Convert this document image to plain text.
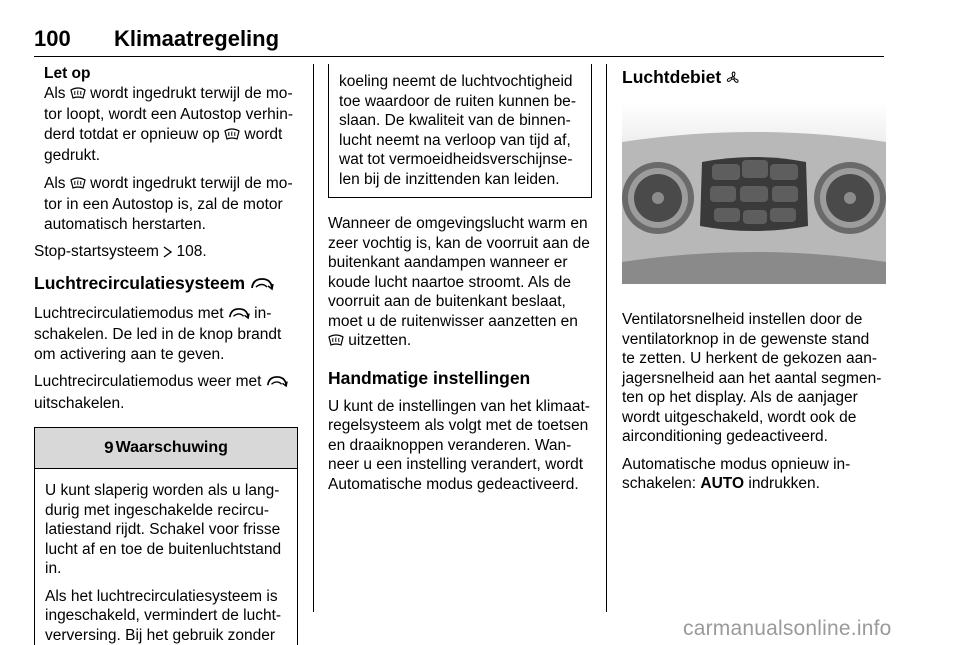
100 Klimaatregeling

Let op

Als  wordt ingedrukt terwijl de motor loopt, wordt een Autostop verhinderd totdat er opnieuw op  wordt gedrukt.

Als  wordt ingedrukt terwijl de motor in een Autostop is, zal de motor automatisch herstarten.

Stop-startsysteem  108.

Luchtrecirculatiesysteem

Luchtrecirculatiemodus met  inschakelen. De led in de knop brandt om activering aan te geven.

Luchtrecirculatiemodus weer met  uitschakelen.

9 Waarschuwing

U kunt slaperig worden als u langdurig met ingeschakelde recirculatiestand rijdt. Schakel voor frisse lucht af en toe de buitenluchtstand in.

Als het luchtrecirculatiesysteem is ingeschakeld, vermindert de luchtverversing. Bij het gebruik zonder

koeling neemt de luchtvochtigheid toe waardoor de ruiten kunnen beslaan. De kwaliteit van de binnenlucht neemt na verloop van tijd af, wat tot vermoeidheidsverschijnselen bij de inzittenden kan leiden.

Wanneer de omgevingslucht warm en zeer vochtig is, kan de voorruit aan de buitenkant aandampen wanneer er koude lucht naartoe stroomt. Als de voorruit aan de buitenkant beslaat, moet u de ruitenwisser aanzetten en
uitzetten.

Handmatige instellingen

U kunt de instellingen van het klimaatregelsysteem als volgt met de toetsen en draaiknoppen veranderen. Wanneer u een instelling verandert, wordt Automatische modus gedeactiveerd.

Luchtdebiet

Ventilatorsnelheid instellen door de ventilatorknop in de gewenste stand te zetten. U herkent de gekozen aanjagersnelheid aan het aantal segmenten op het display. Als de aanjager wordt uitgeschakeld, wordt ook de airconditioning gedeactiveerd.

Automatische modus opnieuw inschakelen: AUTO indrukken.

carmanualsonline.info
